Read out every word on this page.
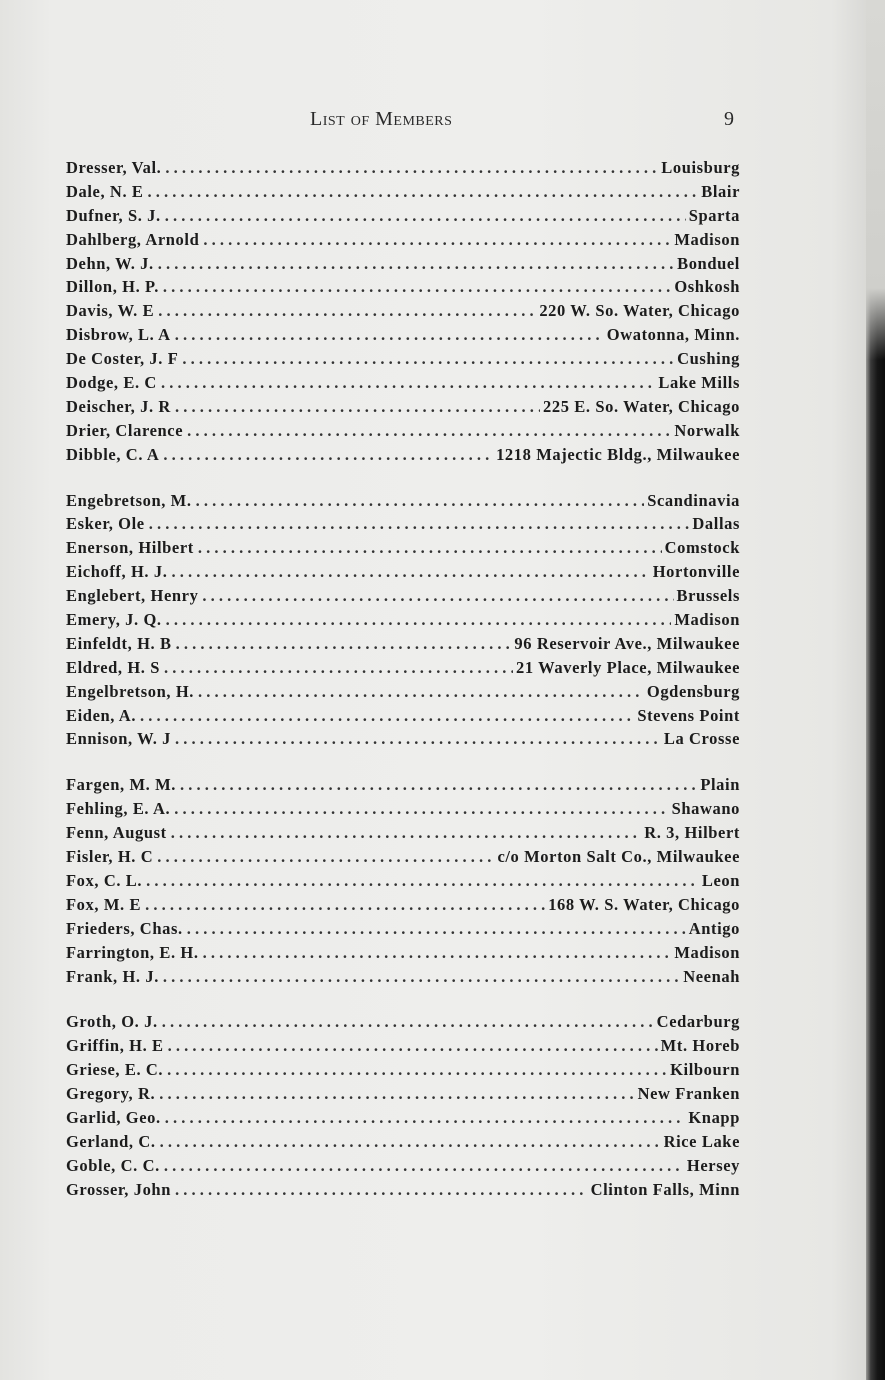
List of Members	9
Dresser, Val. . . .	Louisburg
Dale, N. E . . .	Blair
Dufner, S. J. . . .	Sparta
Dahlberg, Arnold . . .	Madison
Dehn, W. J. . . .	Bonduel
Dillon, H. P. . . .	Oshkosh
Davis, W. E . . .	220 W. So. Water, Chicago
Disbrow, L. A . . .	Owatonna, Minn.
De Coster, J. F . . .	Cushing
Dodge, E. C . . .	Lake Mills
Deischer, J. R . . .	225 E. So. Water, Chicago
Drier, Clarence . . .	Norwalk
Dibble, C. A . . .	1218 Majectic Bldg., Milwaukee
Engebretson, M. . . .	Scandinavia
Esker, Ole . . .	Dallas
Enerson, Hilbert . . .	Comstock
Eichoff, H. J. . . .	Hortonville
Englebert, Henry . . .	Brussels
Emery, J. Q. . . .	Madison
Einfeldt, H. B . . .	96 Reservoir Ave., Milwaukee
Eldred, H. S . . .	21 Waverly Place, Milwaukee
Engelbretson, H. . . .	Ogdensburg
Eiden, A. . . .	Stevens Point
Ennison, W. J . . .	La Crosse
Fargen, M. M. . . .	Plain
Fehling, E. A. . . .	Shawano
Fenn, August . . .	R. 3, Hilbert
Fisler, H. C . . .	c/o Morton Salt Co., Milwaukee
Fox, C. L. . . .	Leon
Fox, M. E . . .	168 W. S. Water, Chicago
Frieders, Chas. . . .	Antigo
Farrington, E. H. . . .	Madison
Frank, H. J. . . .	Neenah
Groth, O. J. . . .	Cedarburg
Griffin, H. E . . .	Mt. Horeb
Griese, E. C. . . .	Kilbourn
Gregory, R. . . .	New Franken
Garlid, Geo. . . .	Knapp
Gerland, C. . . .	Rice Lake
Goble, C. C. . . .	Hersey
Grosser, John . . .	Clinton Falls, Minn
